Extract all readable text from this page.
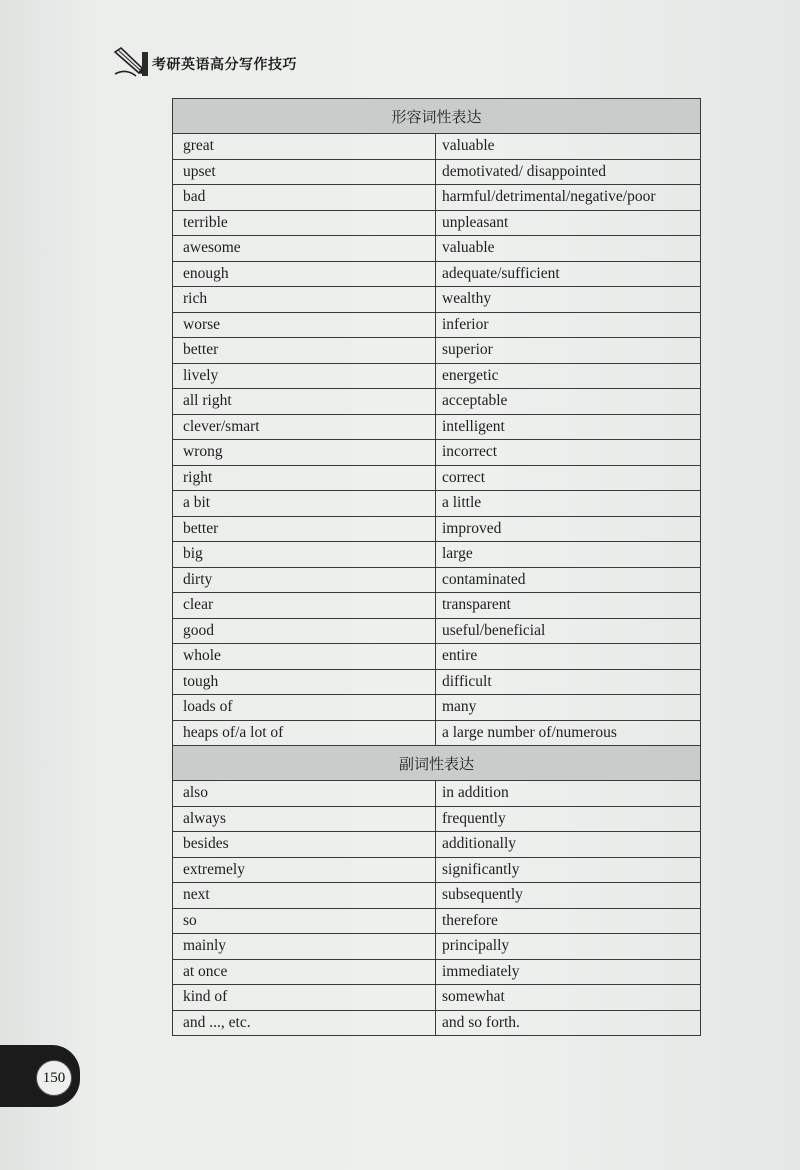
考研英语高分写作技巧
形容词性表达	
great	valuable
upset	demotivated/ disappointed
bad	harmful/detrimental/negative/poor
terrible	unpleasant
awesome	valuable
enough	adequate/sufficient
rich	wealthy
worse	inferior
better	superior
lively	energetic
all right	acceptable
clever/smart	intelligent
wrong	incorrect
right	correct
a bit	a little
better	improved
big	large
dirty	contaminated
clear	transparent
good	useful/beneficial
whole	entire
tough	difficult
loads of	many
heaps of/a lot of	a large number of/numerous
副词性表达	
also	in addition
always	frequently
besides	additionally
extremely	significantly
next	subsequently
so	therefore
mainly	principally
at once	immediately
kind of	somewhat
and ..., etc.	and so forth.
150
